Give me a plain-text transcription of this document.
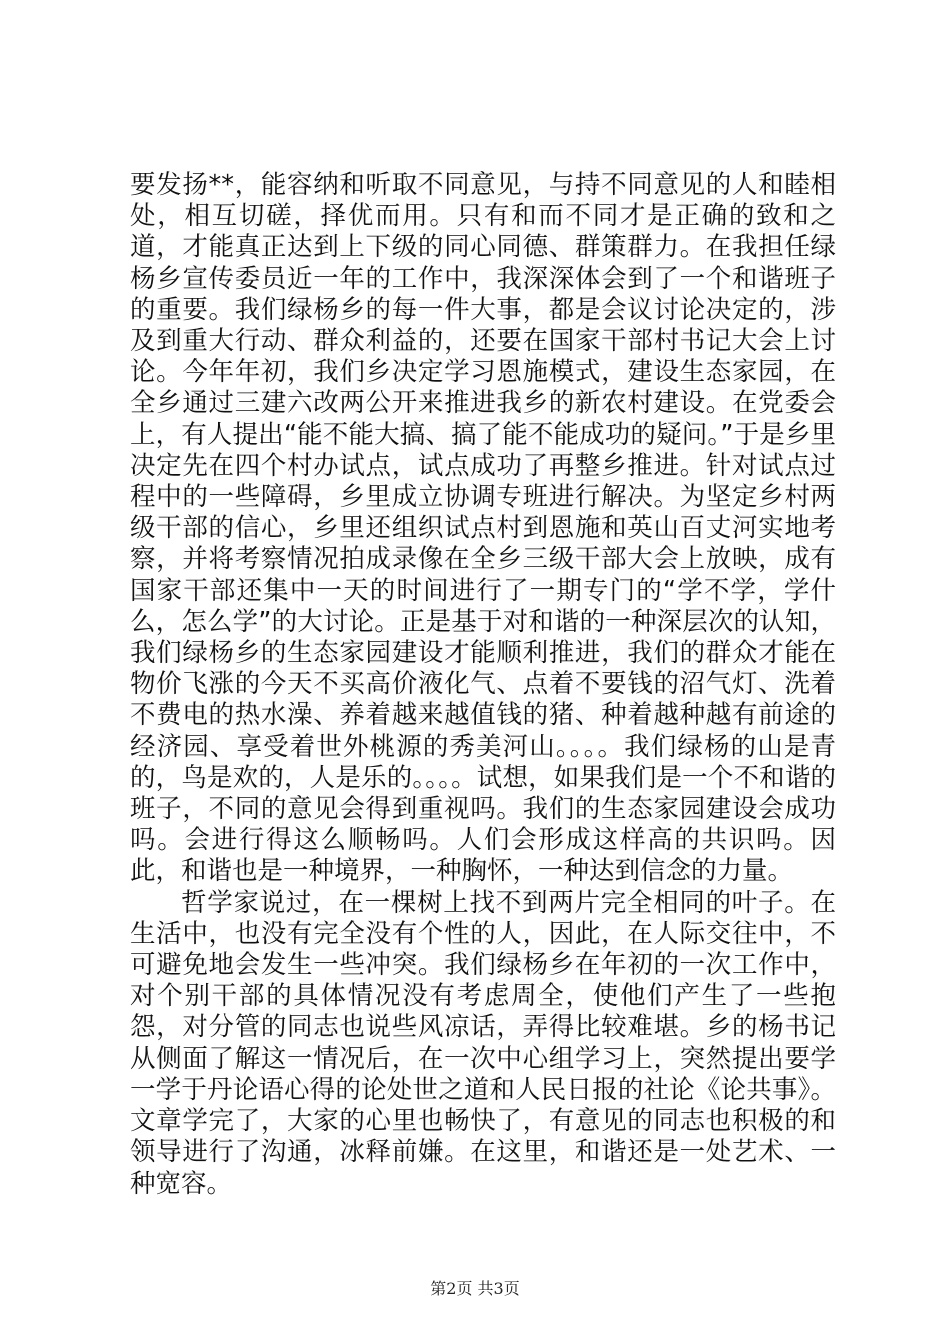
要发扬**，能容纳和听取不同意见，与持不同意见的人和睦相处，相互切磋，择优而用。只有和而不同才是正确的致和之道，才能真正达到上下级的同心同德、群策群力。在我担任绿杨乡宣传委员近一年的工作中，我深深体会到了一个和谐班子的重要。我们绿杨乡的每一件大事，都是会议讨论决定的，涉及到重大行动、群众利益的，还要在国家干部村书记大会上讨论。今年年初，我们乡决定学习恩施模式，建设生态家园，在全乡通过三建六改两公开来推进我乡的新农村建设。在党委会上，有人提出“能不能大搞、搞了能不能成功的疑问。”于是乡里决定先在四个村办试点，试点成功了再整乡推进。针对试点过程中的一些障碍，乡里成立协调专班进行解决。为坚定乡村两级干部的信心，乡里还组织试点村到恩施和英山百丈河实地考察，并将考察情况拍成录像在全乡三级干部大会上放映，成有国家干部还集中一天的时间进行了一期专门的“学不学，学什么，怎么学”的大讨论。正是基于对和谐的一种深层次的认知，我们绿杨乡的生态家园建设才能顺利推进，我们的群众才能在物价飞涨的今天不买高价液化气、点着不要钱的沼气灯、洗着不费电的热水澡、养着越来越值钱的猪、种着越种越有前途的经济园、享受着世外桃源的秀美河山。。。。我们绿杨的山是青的，鸟是欢的，人是乐的。。。。试想，如果我们是一个不和谐的班子，不同的意见会得到重视吗。我们的生态家园建设会成功吗。会进行得这么顺畅吗。人们会形成这样高的共识吗。因此，和谐也是一种境界，一种胸怀，一种达到信念的力量。

哲学家说过，在一棵树上找不到两片完全相同的叶子。在生活中，也没有完全没有个性的人，因此，在人际交往中，不可避免地会发生一些冲突。我们绿杨乡在年初的一次工作中，对个别干部的具体情况没有考虑周全，使他们产生了一些抱怨，对分管的同志也说些风凉话，弄得比较难堪。乡的杨书记从侧面了解这一情况后，在一次中心组学习上，突然提出要学一学于丹论语心得的论处世之道和人民日报的社论《论共事》。文章学完了，大家的心里也畅快了，有意见的同志也积极的和领导进行了沟通，冰释前嫌。在这里，和谐还是一处艺术、一种宽容。

第2页 共3页
